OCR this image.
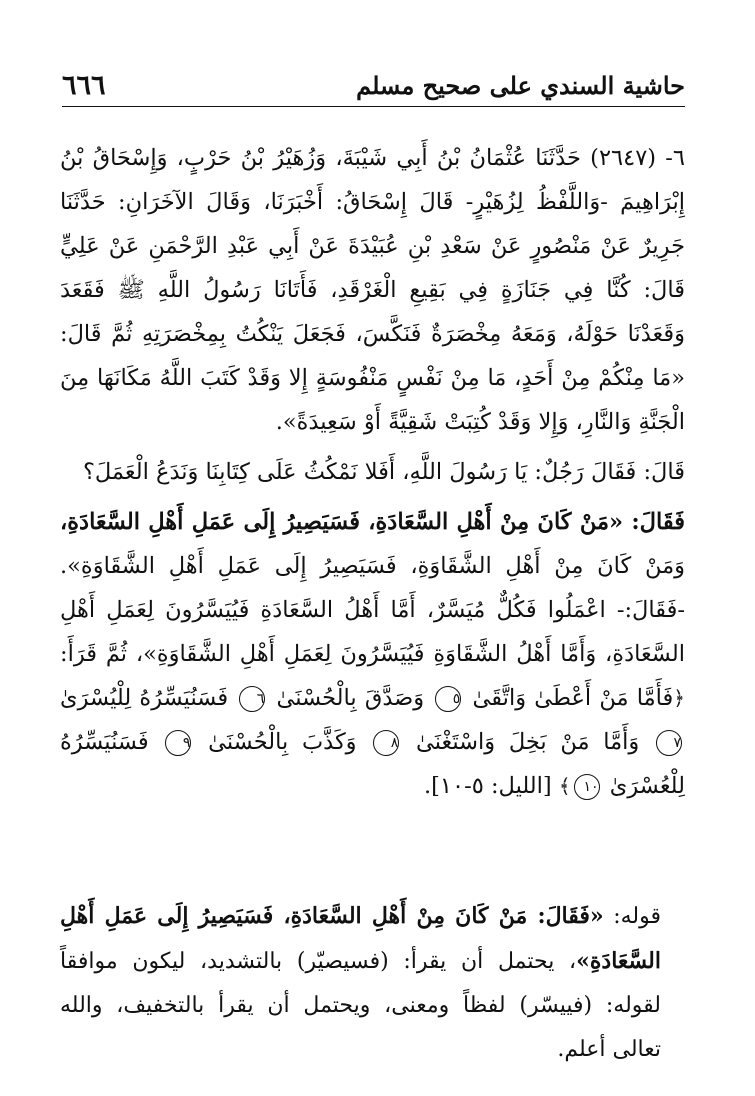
حاشية السندي على صحيح مسلم
٦٦٦

٦- (٢٦٤٧) حَدَّثَنَا عُثْمَانُ بْنُ أَبِي شَيْبَةَ، وَزُهَيْرُ بْنُ حَرْبٍ، وَإِسْحَاقُ بْنُ إِبْرَاهِيمَ -وَاللَّفْظُ لِزُهَيْرٍ- قَالَ إِسْحَاقُ: أَخْبَرَنَا، وَقَالَ الآخَرَانِ: حَدَّثَنَا جَرِيرٌ عَنْ مَنْصُورٍ عَنْ سَعْدِ بْنِ عُبَيْدَةَ عَنْ أَبِي عَبْدِ الرَّحْمَنِ عَنْ عَلِيٍّ قَالَ: كُنَّا فِي جَنَازَةٍ فِي بَقِيعِ الْغَرْقَدِ، فَأَتَانَا رَسُولُ اللَّهِ ﷺ فَقَعَدَ وَقَعَدْنَا حَوْلَهُ، وَمَعَهُ مِخْصَرَةٌ فَنَكَّسَ، فَجَعَلَ يَنْكُتُ بِمِخْصَرَتِهِ ثُمَّ قَالَ: «مَا مِنْكُمْ مِنْ أَحَدٍ، مَا مِنْ نَفْسٍ مَنْفُوسَةٍ إِلا وَقَدْ كَتَبَ اللَّهُ مَكَانَهَا مِنَ الْجَنَّةِ وَالنَّارِ، وَإِلا وَقَدْ كُتِبَتْ شَقِيَّةً أَوْ سَعِيدَةً».

قَالَ: فَقَالَ رَجُلٌ: يَا رَسُولَ اللَّهِ، أَفَلا نَمْكُثُ عَلَى كِتَابِنَا وَنَدَعُ الْعَمَلَ؟

فَقَالَ: «مَنْ كَانَ مِنْ أَهْلِ السَّعَادَةِ، فَسَيَصِيرُ إِلَى عَمَلِ أَهْلِ السَّعَادَةِ، وَمَنْ كَانَ مِنْ أَهْلِ الشَّقَاوَةِ، فَسَيَصِيرُ إِلَى عَمَلِ أَهْلِ الشَّقَاوَةِ». -فَقَالَ:- اعْمَلُوا فَكُلٌّ مُيَسَّرٌ، أَمَّا أَهْلُ السَّعَادَةِ فَيُيَسَّرُونَ لِعَمَلِ أَهْلِ السَّعَادَةِ، وَأَمَّا أَهْلُ الشَّقَاوَةِ فَيُيَسَّرُونَ لِعَمَلِ أَهْلِ الشَّقَاوَةِ»، ثُمَّ قَرَأَ: ﴿فَأَمَّا مَنْ أَعْطَىٰ وَاتَّقَىٰ ٥ وَصَدَّقَ بِالْحُسْنَىٰ ٦ فَسَنُيَسِّرُهُ لِلْيُسْرَىٰ ٧ وَأَمَّا مَنْ بَخِلَ وَاسْتَغْنَىٰ ٨ وَكَذَّبَ بِالْحُسْنَىٰ ٩ فَسَنُيَسِّرُهُ لِلْعُسْرَىٰ ١٠﴾ [الليل: ٥-١٠].

قوله: «فَقَالَ: مَنْ كَانَ مِنْ أَهْلِ السَّعَادَةِ، فَسَيَصِيرُ إِلَى عَمَلِ أَهْلِ السَّعَادَةِ»، يحتمل أن يقرأ: (فسيصيّر) بالتشديد، ليكون موافقاً لقوله: (فييسّر) لفظاً ومعنى، ويحتمل أن يقرأ بالتخفيف، والله تعالى أعلم.
